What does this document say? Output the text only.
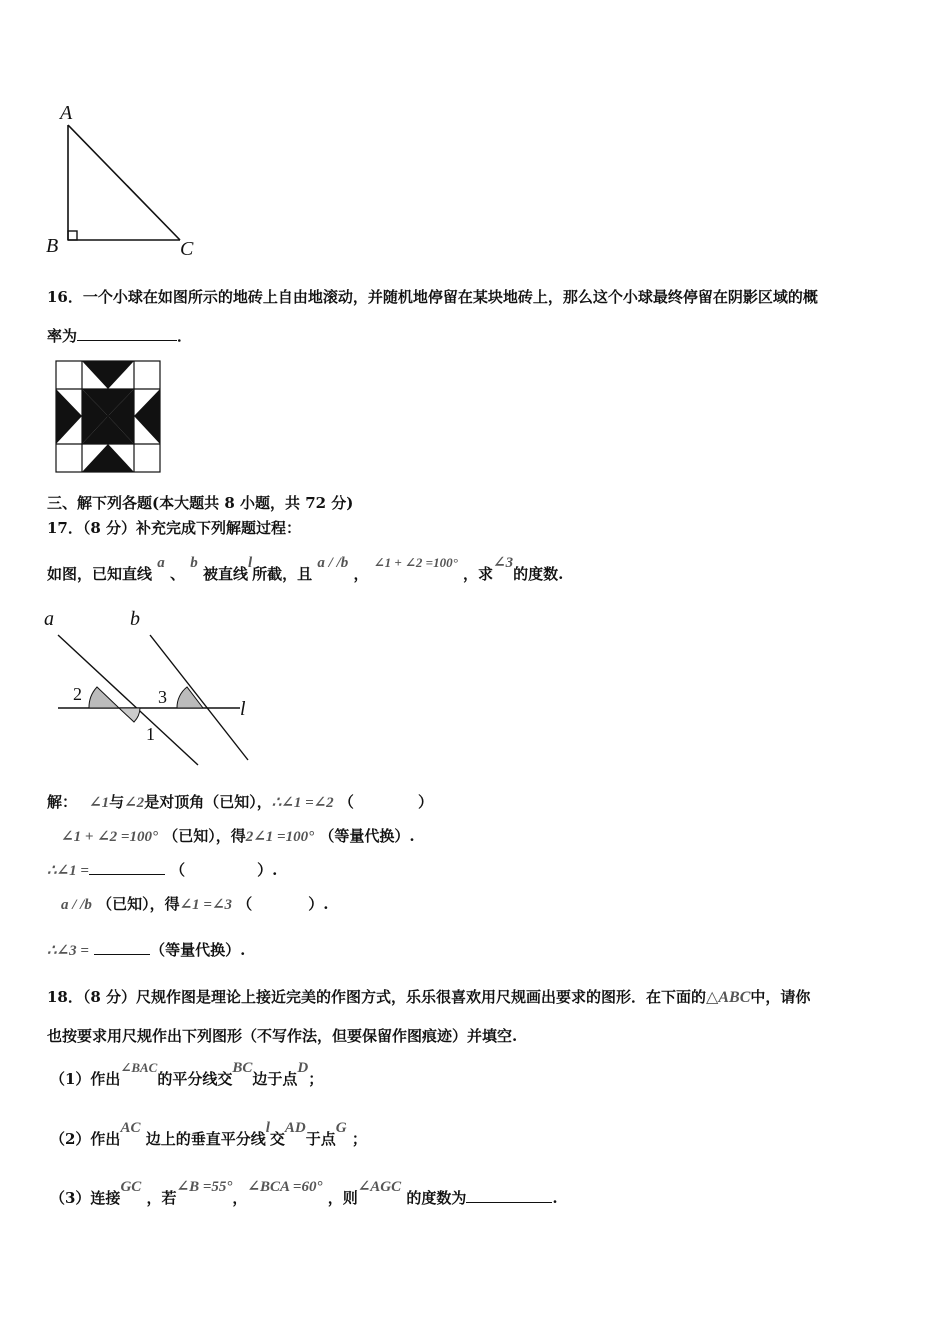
A
B	C
16．一个小球在如图所示的地砖上自由地滚动，并随机地停留在某块地砖上，那么这个小球最终停留在阴影区域的概
率为	．
三、解下列各题(本大题共 8 小题，共 72 分)
17．（8 分）补充完成下列解题过程：
如图，已知直线 a 、 b 被直线l所截，且 a / /b ， ∠1 + ∠2 =100° ，求∠3的度数.
a	b
l
2	3
1
解： ∠1与∠2是对顶角（已知），∴∠1 =∠2 （	）
∠1 + ∠2 =100° （已知），得2∠1 =100° （等量代换）.
∴∠1 =	（	）.
a / /b （已知），得∠1 =∠3 （	）.
∴∠3 =	（等量代换）.
18．（8 分）尺规作图是理论上接近完美的作图方式，乐乐很喜欢用尺规画出要求的图形．在下面的△ABC中，请你
也按要求用尺规作出下列图形（不写作法，但要保留作图痕迹）并填空.
（1）作出∠BAC的平分线交BC边于点D；
（2）作出AC 边上的垂直平分线l交AD于点G ；
（3）连接GC ，若∠B =55°，∠BCA =60° ，则∠AGC 的度数为	.
